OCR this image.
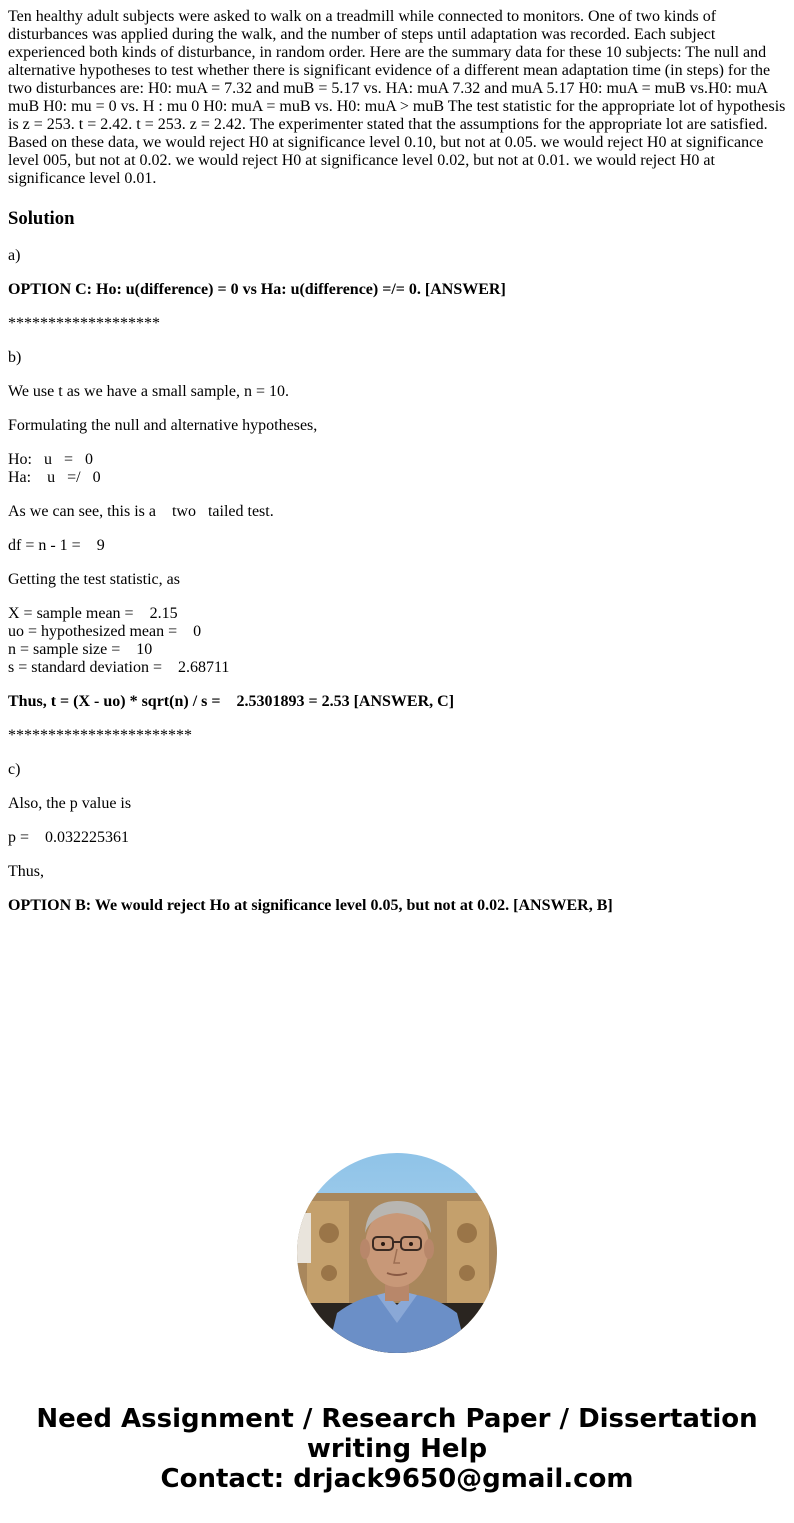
Ten healthy adult subjects were asked to walk on a treadmill while connected to monitors. One of two kinds of disturbances was applied during the walk, and the number of steps until adaptation was recorded. Each subject experienced both kinds of disturbance, in random order. Here are the summary data for these 10 subjects: The null and alternative hypotheses to test whether there is significant evidence of a different mean adaptation time (in steps) for the two disturbances are: H0: muA = 7.32 and muB = 5.17 vs. HA: muA 7.32 and muA 5.17 H0: muA = muB vs.H0: muA muB H0: mu = 0 vs. H : mu 0 H0: muA = muB vs. H0: muA > muB The test statistic for the appropriate lot of hypothesis is z = 253. t = 2.42. t = 253. z = 2.42. The experimenter stated that the assumptions for the appropriate lot are satisfied. Based on these data, we would reject H0 at significance level 0.10, but not at 0.05. we would reject H0 at significance level 005, but not at 0.02. we would reject H0 at significance level 0.02, but not at 0.01. we would reject H0 at significance level 0.01.
Solution
a)
OPTION C: Ho: u(difference) = 0 vs Ha: u(difference) =/= 0. [ANSWER]
*******************
b)
We use t as we have a small sample, n = 10.
Formulating the null and alternative hypotheses,
Ho:   u   =   0
Ha:    u   =/   0
As we can see, this is a    two   tailed test.
df = n - 1 =    9
Getting the test statistic, as
X = sample mean =    2.15
uo = hypothesized mean =    0
n = sample size =    10
s = standard deviation =    2.68711
Thus, t = (X - uo) * sqrt(n) / s =    2.5301893 = 2.53 [ANSWER, C]
***********************
c)
Also, the p value is
p =    0.032225361
Thus,
OPTION B: We would reject Ho at significance level 0.05, but not at 0.02. [ANSWER, B]
Need Assignment / Research Paper / Dissertation
writing Help
Contact: drjack9650@gmail.com
